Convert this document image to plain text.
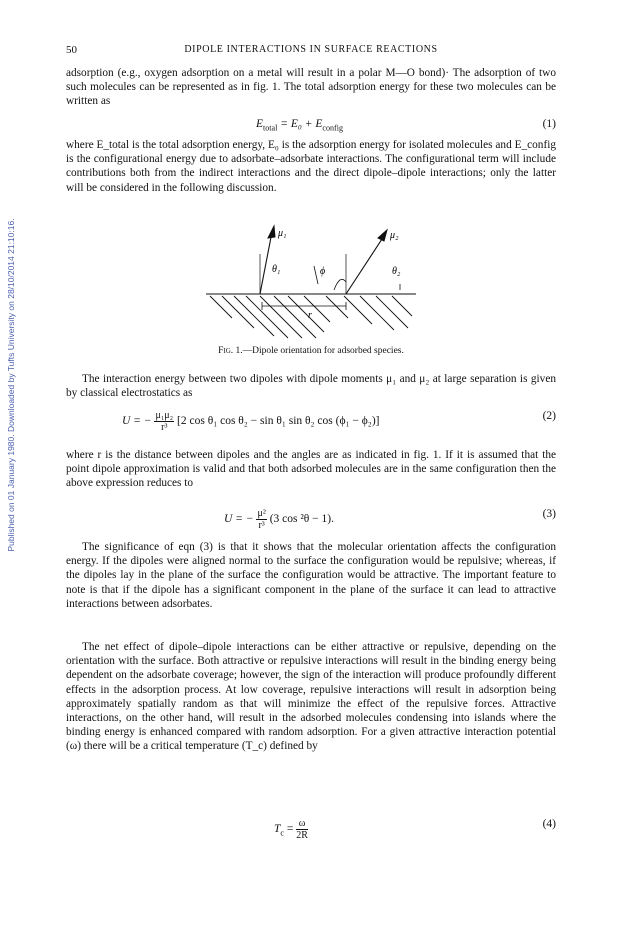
Published on 01 January 1980. Downloaded by Tufts University on 28/10/2014 21:10:16.
50	DIPOLE INTERACTIONS IN SURFACE REACTIONS

adsorption (e.g., oxygen adsorption on a metal will result in a polar M—O bond)· The adsorption of two such molecules can be represented as in fig. 1. The total adsorption energy for these two molecules can be written as

$E_{total} = E_0 + E_{config}$	(1)

where E_total is the total adsorption energy, E₀ is the adsorption energy for isolated molecules and E_config is the configurational energy due to adsorbate–adsorbate interactions. The configurational term will include contributions both from the indirect interactions and the direct dipole–dipole interactions; only the latter will be considered in the following discussion.

μ₁	μ₂
θ₁	θ₂
ϕ
r
Fig. 1.—Dipole orientation for adsorbed species.

The interaction energy between two dipoles with dipole moments μ₁ and μ₂ at large separation is given by classical electrostatics as

U = − $\frac{\text{μ₁μ₂}}{\text{r³}} [2$ cos θ₁ cos θ₂ − sin θ₁ sin θ₂ cos (ϕ₁ − ϕ₂)]	(2)

where r is the distance between dipoles and the angles are as indicated in fig. 1. If it is assumed that the point dipole approximation is valid and that both adsorbed molecules are in the same configuration then the above expression reduces to

U = − $\frac{\text{μ²}}{\text{r³}} (3$ cos ²θ − 1).	(3)

The significance of eqn (3) is that it shows that the molecular orientation affects the configuration energy. If the dipoles were aligned normal to the surface the configuration would be repulsive; whereas, if the dipoles lay in the plane of the surface the configuration would be attractive. The important feature to note is that if the dipole has a significant component in the plane of the surface it can lead to attractive interactions between adsorbates.

The net effect of dipole–dipole interactions can be either attractive or repulsive, depending on the orientation with the surface. Both attractive or repulsive interactions will result in the binding energy being dependent on the adsorbate coverage; however, the sign of the interaction will produce profoundly different effects in the adsorption process. At low coverage, repulsive interactions will result in adsorption being approximately spatially random as that will minimize the effect of the repulsive forces. Attractive interactions, on the other hand, will result in the adsorbed molecules condensing into islands where the binding energy is enhanced compared with random adsorption. For a given attractive interaction potential (ω) there will be a critical temperature (T_c) defined by

$T_c = \frac{\omega}{2R}$	(4)
